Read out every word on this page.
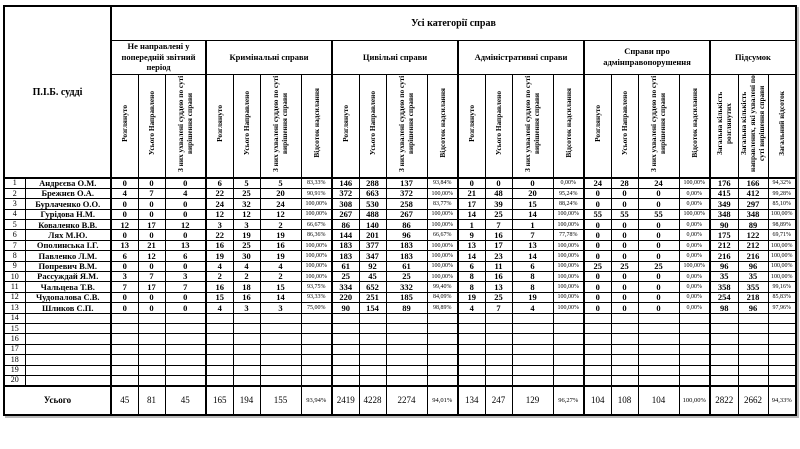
П.І.Б. судді		Усі категорії справ																					
		Не направлені у попередній звітний період			Кримінальні справи				Цивільні справи				Адміністративні справи				Справи про адмінправопорушення				Підсумок		
		Розглянуто	Усього Направлено	З них ухвалені суддею по суті вирішення справи	Розглянуто	Усього Направлено	З них ухвалені суддею по суті вирішення справи	Відсоток надсилання	Розглянуто	Усього Направлено	З них ухвалені суддею по суті вирішення справи	Відсоток надсилання	Розглянуто	Усього Направлено	З них ухвалені суддею по суті вирішення справи	Відсоток надсилання	Розглянуто	Усього Направлено	З них ухвалені суддею по суті вирішення справи	Відсоток надсилання	Загальна кількість розглянутих	Загальна кількість направлених, які ухвалені по суті вирішення справи	Загальний відсоток
1	Андрєєва О.М.	0	0	0	6	5	5	83,33%	146	288	137	93,84%	0	0	0	0,00%	24	28	24	100,00%	176	166	94,32%
2	Брежнєв О.А.	4	7	4	22	25	20	90,91%	372	663	372	100,00%	21	48	20	95,24%	0	0	0	0,00%	415	412	99,28%
3	Бурлаченко О.О.	0	0	0	24	32	24	100,00%	308	530	258	83,77%	17	39	15	88,24%	0	0	0	0,00%	349	297	85,10%
4	Гурідова Н.М.	0	0	0	12	12	12	100,00%	267	488	267	100,00%	14	25	14	100,00%	55	55	55	100,00%	348	348	100,00%
5	Коваленко В.В.	12	17	12	3	3	2	66,67%	86	140	86	100,00%	1	7	1	100,00%	0	0	0	0,00%	90	89	98,89%
6	Лях М.Ю.	0	0	0	22	19	19	86,36%	144	201	96	66,67%	9	16	7	77,78%	0	0	0	0,00%	175	122	69,71%
7	Ополинська І.Г.	13	21	13	16	25	16	100,00%	183	377	183	100,00%	13	17	13	100,00%	0	0	0	0,00%	212	212	100,00%
8	Павленко Л.М.	6	12	6	19	30	19	100,00%	183	347	183	100,00%	14	23	14	100,00%	0	0	0	0,00%	216	216	100,00%
9	Попревич В.М.	0	0	0	4	4	4	100,00%	61	92	61	100,00%	6	11	6	100,00%	25	25	25	100,00%	96	96	100,00%
10	Рассуждай Я.М.	3	7	3	2	2	2	100,00%	25	45	25	100,00%	8	16	8	100,00%	0	0	0	0,00%	35	35	100,00%
11	Чальцева Т.В.	7	17	7	16	18	15	93,75%	334	652	332	99,40%	8	13	8	100,00%	0	0	0	0,00%	358	355	99,16%
12	Чудопалова С.В.	0	0	0	15	16	14	93,33%	220	251	185	84,09%	19	25	19	100,00%	0	0	0	0,00%	254	218	85,83%
13	Шликов С.П.	0	0	0	4	3	3	75,00%	90	154	89	98,89%	4	7	4	100,00%	0	0	0	0,00%	98	96	97,96%
14																							
15																							
16																							
17																							
18																							
19																							
20																							
Усього		45	81	45	165	194	155	93,94%	2419	4228	2274	94,01%	134	247	129	96,27%	104	108	104	100,00%	2822	2662	94,33%
